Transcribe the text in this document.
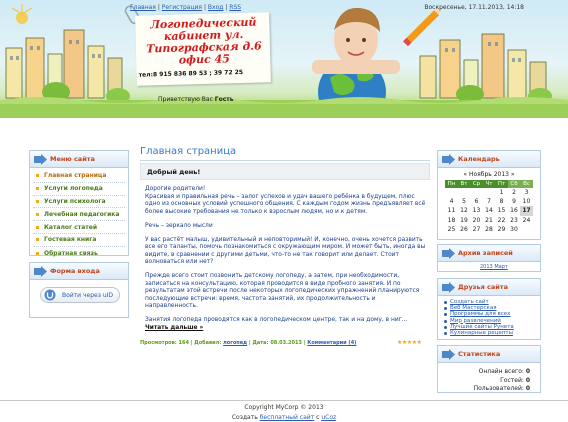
Главная | Регистрация | Вход | RSS	Воскресенье, 17.11.2013, 14:18
Логопедический кабинет ул. Типографская д.6 офис 45
тел:8 915 836 89 53 ; 39 72 25
Приветствую Вас Гость
Меню сайта
Главная страница
Услуги логопеда
Услуги психолога
Лечебная педагогика
Каталог статей
Гостевая книга
Обратная связь
Форма входа
Войти через uID
Главная страница
Добрый день!

Дорогие родители!
Красивая и правильная речь – залог успехов и удач вашего ребёнка в будущем, плюс одно из основных условий успешного общения. С каждым годом жизнь предъявляет всё более высокие требования не только к взрослым людям, но и к детям.

Речь – зеркало мысли

У вас растёт малыш, удивительный и неповторимый! И, конечно, очень хочется развить все его таланты, помочь познакомиться с окружающим миром. И может быть, иногда вы видите, в сравнении с другими детьми, что-то не так говорит или делает. Стоит волноваться или нет?

Прежде всего стоит позвонить детскому логопеду, а затем, при необходимости, записаться на консультацию, которая проводится в виде пробного занятия. И по результатам этой встречи после некоторых логопедических упражнений планируются последующие встречи: время, частота занятий, их продолжительность и направленность.

Занятия логопеда проводятся как в логопедическом центре, так и на дому, в ниг... Читать дальше »

Просмотров: 164 | Добавил: логопед | Дата: 08.03.2013 | Комментарии (4)	★★★★★
Календарь
« Ноябрь 2013 »
Пн	Вт	Ср	Чт	Пт	Сб	Вс
				1	2	3
4	5	6	7	8	9	10
11	12	13	14	15	16	17
18	19	20	21	22	23	24
25	26	27	28	29	30	
Архив записей
2013 Март
Друзья сайта
Создать сайт
Веб Мастерская
Программы для всех
Мир развлечений
Лучшие сайты Рунета
Кулинарные рецепты
Статистика
Онлайн всего: 0
Гостей: 0
Пользователей: 0
Copyright MyCorp © 2013
Создать бесплатный сайт с uCoz
